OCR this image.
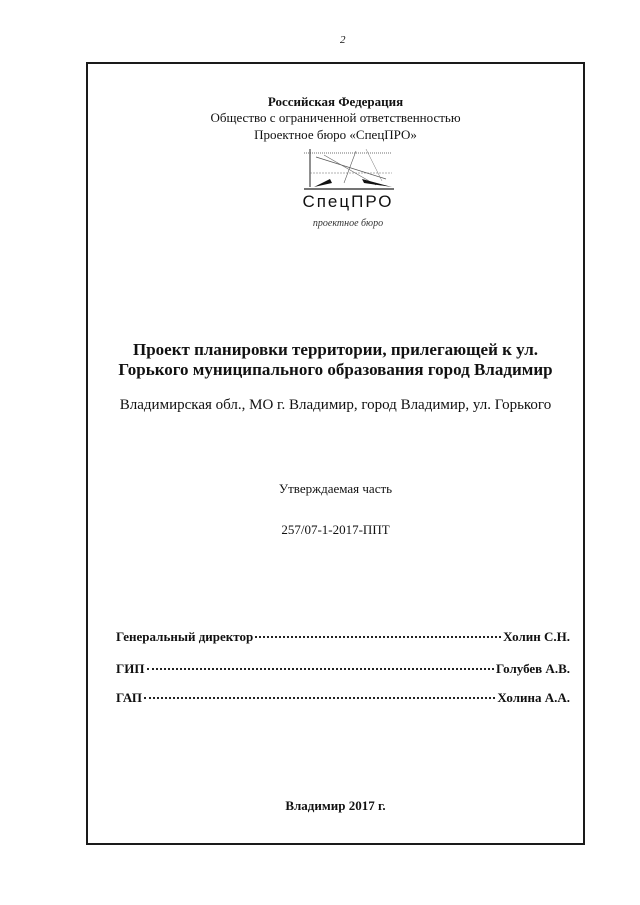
2
Российская Федерация
Общество с ограниченной ответственностью
Проектное бюро «СпецПРО»
СпецПРО
проектное бюро
Проект планировки территории, прилегающей к ул.
Горького муниципального образования город Владимир
Владимирская обл., МО г. Владимир, город Владимир, ул. Горького
Утверждаемая часть
257/07-1-2017-ППТ
Генеральный директор	Холин С.Н.
ГИП	Голубев А.В.
ГАП	Холина А.А.
Владимир 2017 г.
